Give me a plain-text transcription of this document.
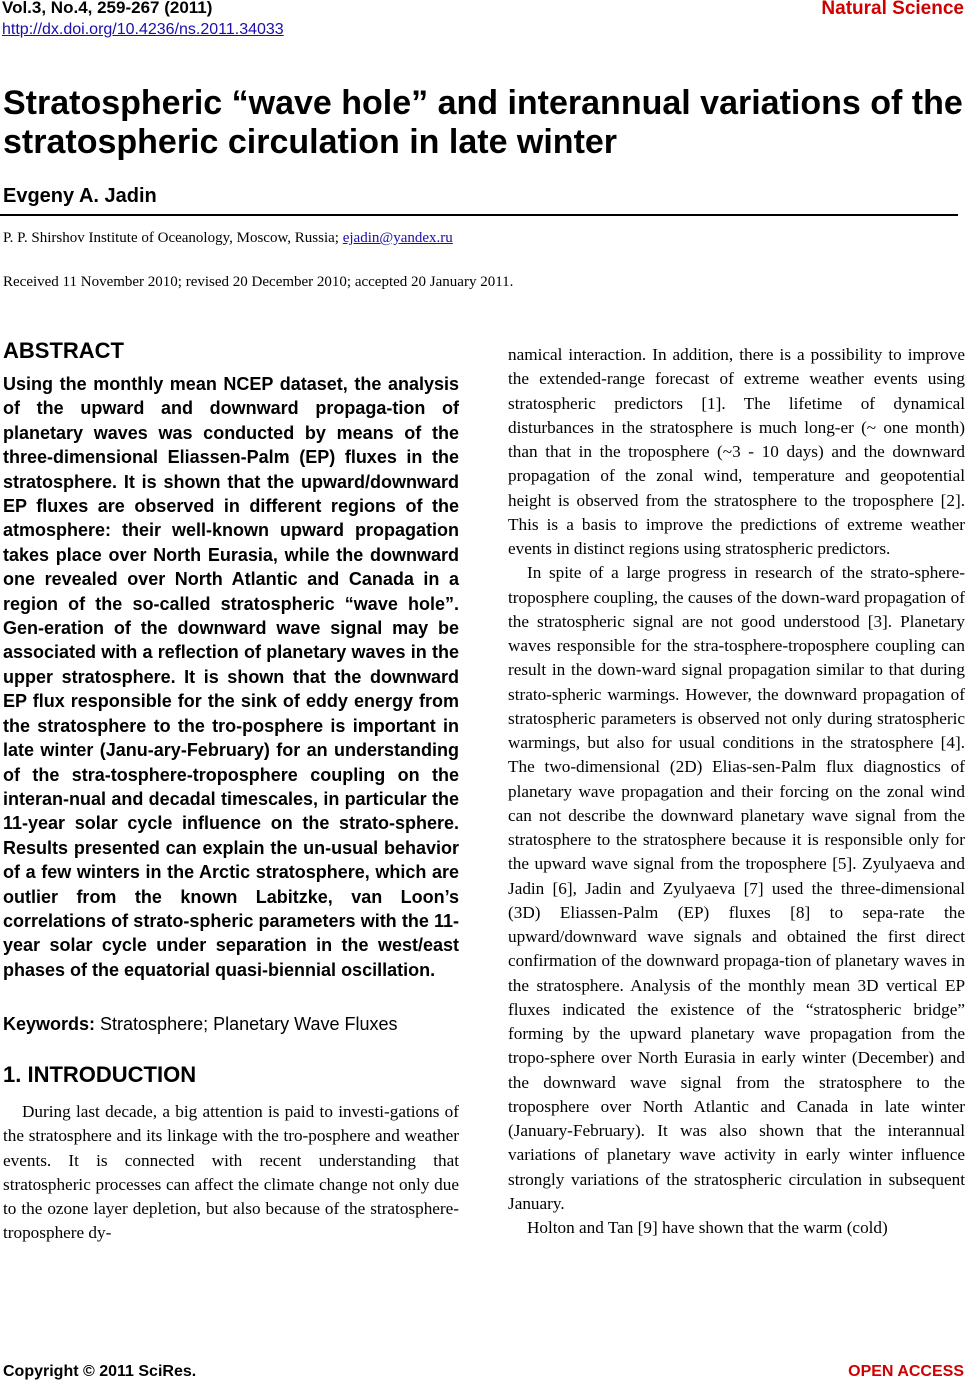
Vol.3, No.4, 259-267 (2011)
http://dx.doi.org/10.4236/ns.2011.34033
Natural Science
Stratospheric “wave hole” and interannual variations of the stratospheric circulation in late winter
Evgeny A. Jadin
P. P. Shirshov Institute of Oceanology, Moscow, Russia; ejadin@yandex.ru
Received 11 November 2010; revised 20 December 2010; accepted 20 January 2011.
ABSTRACT

Using the monthly mean NCEP dataset, the analysis of the upward and downward propaga-tion of planetary waves was conducted by means of the three-dimensional Eliassen-Palm (EP) fluxes in the stratosphere. It is shown that the upward/downward EP fluxes are observed in different regions of the atmosphere: their well-known upward propagation takes place over North Eurasia, while the downward one revealed over North Atlantic and Canada in a region of the so-called stratospheric “wave hole”. Gen-eration of the downward wave signal may be associated with a reflection of planetary waves in the upper stratosphere. It is shown that the downward EP flux responsible for the sink of eddy energy from the stratosphere to the tro-posphere is important in late winter (Janu-ary-February) for an understanding of the stra-tosphere-troposphere coupling on the interan-nual and decadal timescales, in particular the 11-year solar cycle influence on the strato-sphere. Results presented can explain the un-usual behavior of a few winters in the Arctic stratosphere, which are outlier from the known Labitzke, van Loon’s correlations of strato-spheric parameters with the 11-year solar cycle under separation in the west/east phases of the equatorial quasi-biennial oscillation.

Keywords: Stratosphere; Planetary Wave Fluxes

1. INTRODUCTION

During last decade, a big attention is paid to investi-gations of the stratosphere and its linkage with the tro-posphere and weather events. It is connected with recent understanding that stratospheric processes can affect the climate change not only due to the ozone layer depletion, but also because of the stratosphere-troposphere dy-

namical interaction. In addition, there is a possibility to improve the extended-range forecast of extreme weather events using stratospheric predictors [1]. The lifetime of dynamical disturbances in the stratosphere is much long-er (~ one month) than that in the troposphere (~3 - 10 days) and the downward propagation of the zonal wind, temperature and geopotential height is observed from the stratosphere to the troposphere [2]. This is a basis to improve the predictions of extreme weather events in distinct regions using stratospheric predictors.

In spite of a large progress in research of the strato-sphere-troposphere coupling, the causes of the down-ward propagation of the stratospheric signal are not good understood [3]. Planetary waves responsible for the stra-tosphere-troposphere coupling can result in the down-ward signal propagation similar to that during strato-spheric warmings. However, the downward propagation of stratospheric parameters is observed not only during stratospheric warmings, but also for usual conditions in the stratosphere [4]. The two-dimensional (2D) Elias-sen-Palm flux diagnostics of planetary wave propagation and their forcing on the zonal wind can not describe the downward planetary wave signal from the stratosphere to the stratosphere because it is responsible only for the upward wave signal from the troposphere [5]. Zyulyaeva and Jadin [6], Jadin and Zyulyaeva [7] used the three-dimensional (3D) Eliassen-Palm (EP) fluxes [8] to sepa-rate the upward/downward wave signals and obtained the first direct confirmation of the downward propaga-tion of planetary waves in the stratosphere. Analysis of the monthly mean 3D vertical EP fluxes indicated the existence of the “stratospheric bridge” forming by the upward planetary wave propagation from the tropo-sphere over North Eurasia in early winter (December) and the downward wave signal from the stratosphere to the troposphere over North Atlantic and Canada in late winter (January-February). It was also shown that the interannual variations of planetary wave activity in early winter influence strongly variations of the stratospheric circulation in subsequent January.

Holton and Tan [9] have shown that the warm (cold)

Copyright © 2011 SciRes.	OPEN ACCESS
